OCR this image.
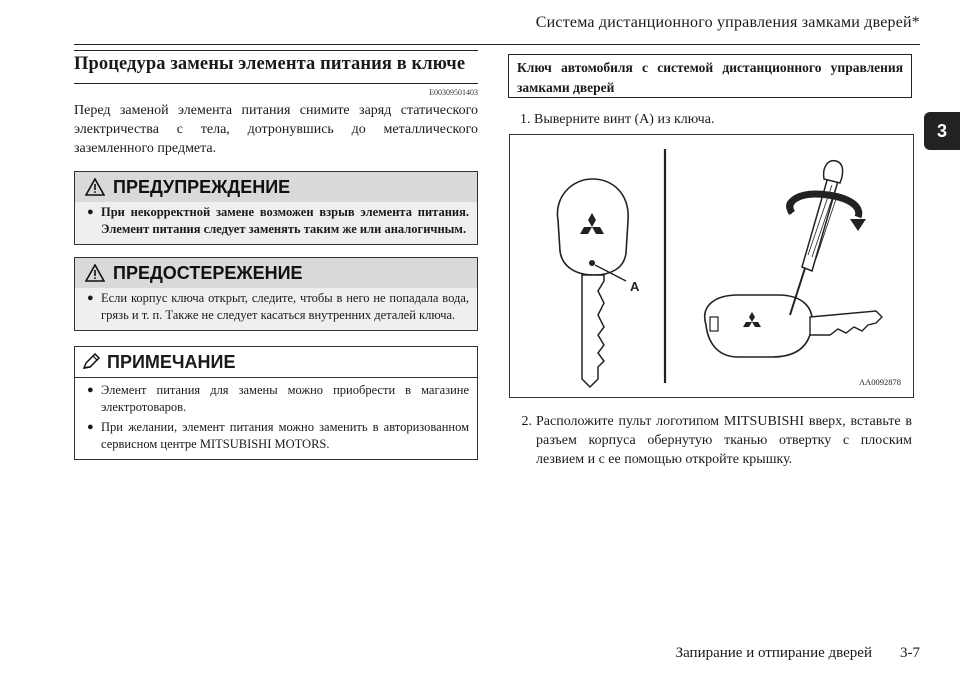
Система дистанционного управления замками дверей*
3
Процедура замены элемента питания в ключе
E00309501403
Перед заменой элемента питания снимите заряд статического электричества с тела, дотронувшись до металлического заземленного предмета.
ПРЕДУПРЕЖДЕНИЕ
● При некорректной замене возможен взрыв элемента питания. Элемент питания следует заменять таким же или аналогичным.
ПРЕДОСТЕРЕЖЕНИЕ
● Если корпус ключа открыт, следите, чтобы в него не попадала вода, грязь и т. п. Также не следует касаться внутренних деталей ключа.
ПРИМЕЧАНИЕ
● Элемент питания для замены можно приобрести в магазине электротоваров.
● При желании, элемент питания можно заменить в авторизованном сервисном центре MITSUBISHI MOTORS.
Ключ автомобиля с системой дистанционного управления замками дверей
1. Выверните винт (A) из ключа.
A
AA0092878
2. Расположите пульт логотипом MITSUBISHI вверх, вставьте в разъем корпуса обернутую тканью отвертку с плоским лезвием и с ее помощью откройте крышку.
Запирание и отпирание дверей 3-7
